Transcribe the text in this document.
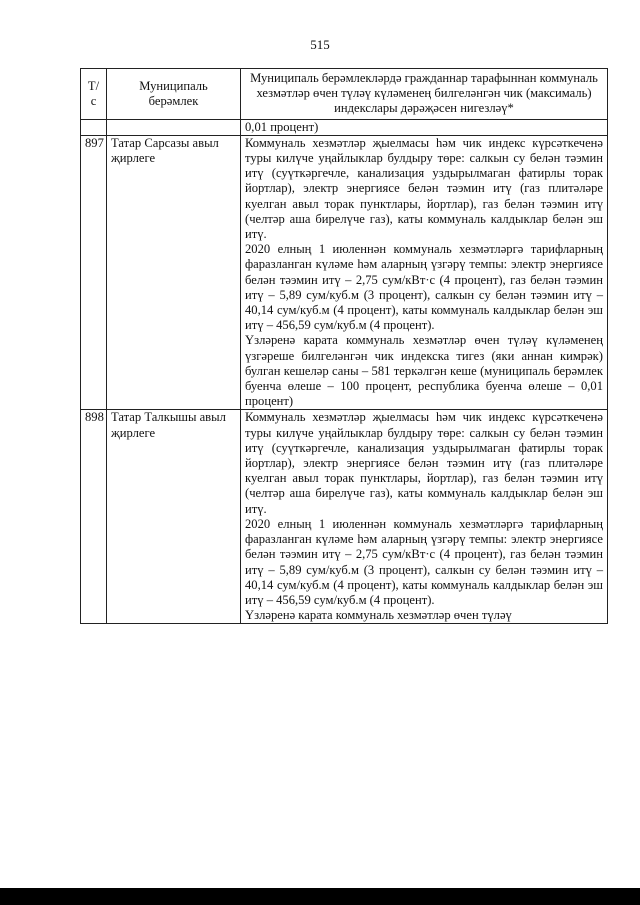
515
Т/с	Муниципаль берәмлек	Муниципаль берәмлекләрдә гражданнар тарафыннан коммуналь хезмәтләр өчен түләү күләменең билгеләнгән чик (максималь) индекслары дәрәҗәсен нигезләү*
		0,01 процент)
897	Татар Сарсазы авыл җирлеге	Коммуналь хезмәтләр җыелмасы һәм чик индекс күрсәткеченә туры килүче уңайлыклар булдыру төре: салкын су белән тәэмин итү (суүткәргечле, канализация уздырылмаган фатирлы торак йортлар), электр энергиясе белән тәэмин итү (газ плитәләре куелган авыл торак пунктлары, йортлар), газ белән тәэмин итү (челтәр аша бирелүче газ), каты коммуналь калдыклар белән эш итү.

2020 елның 1 июленнән коммуналь хезмәтләргә тарифларның фаразланган күләме һәм аларның үзгәрү темпы: электр энергиясе белән тәэмин итү – 2,75 сум/кВт·с (4 процент), газ белән тәэмин итү – 5,89 сум/куб.м (3 процент), салкын су белән тәэмин итү – 40,14 сум/куб.м (4 процент), каты коммуналь калдыклар белән эш итү – 456,59 сум/куб.м (4 процент).

Үзләренә карата коммуналь хезмәтләр өчен түләү күләменең үзгәреше билгеләнгән чик индекска тигез (яки аннан кимрәк) булган кешеләр саны – 581 теркәлгән кеше (муниципаль берәмлек буенча өлеше – 100 процент, республика буенча өлеше – 0,01 процент)

898	Татар Талкышы авыл җирлеге	Коммуналь хезмәтләр җыелмасы һәм чик индекс күрсәткеченә туры килүче уңайлыклар булдыру төре: салкын су белән тәэмин итү (суүткәргечле, канализация уздырылмаган фатирлы торак йортлар), электр энергиясе белән тәэмин итү (газ плитәләре куелган авыл торак пунктлары, йортлар), газ белән тәэмин итү (челтәр аша бирелүче газ), каты коммуналь калдыклар белән эш итү.

2020 елның 1 июленнән коммуналь хезмәтләргә тарифларның фаразланган күләме һәм аларның үзгәрү темпы: электр энергиясе белән тәэмин итү – 2,75 сум/кВт·с (4 процент), газ белән тәэмин итү – 5,89 сум/куб.м (3 процент), салкын су белән тәэмин итү – 40,14 сум/куб.м (4 процент), каты коммуналь калдыклар белән эш итү – 456,59 сум/куб.м (4 процент).

Үзләренә карата коммуналь хезмәтләр өчен түләү
